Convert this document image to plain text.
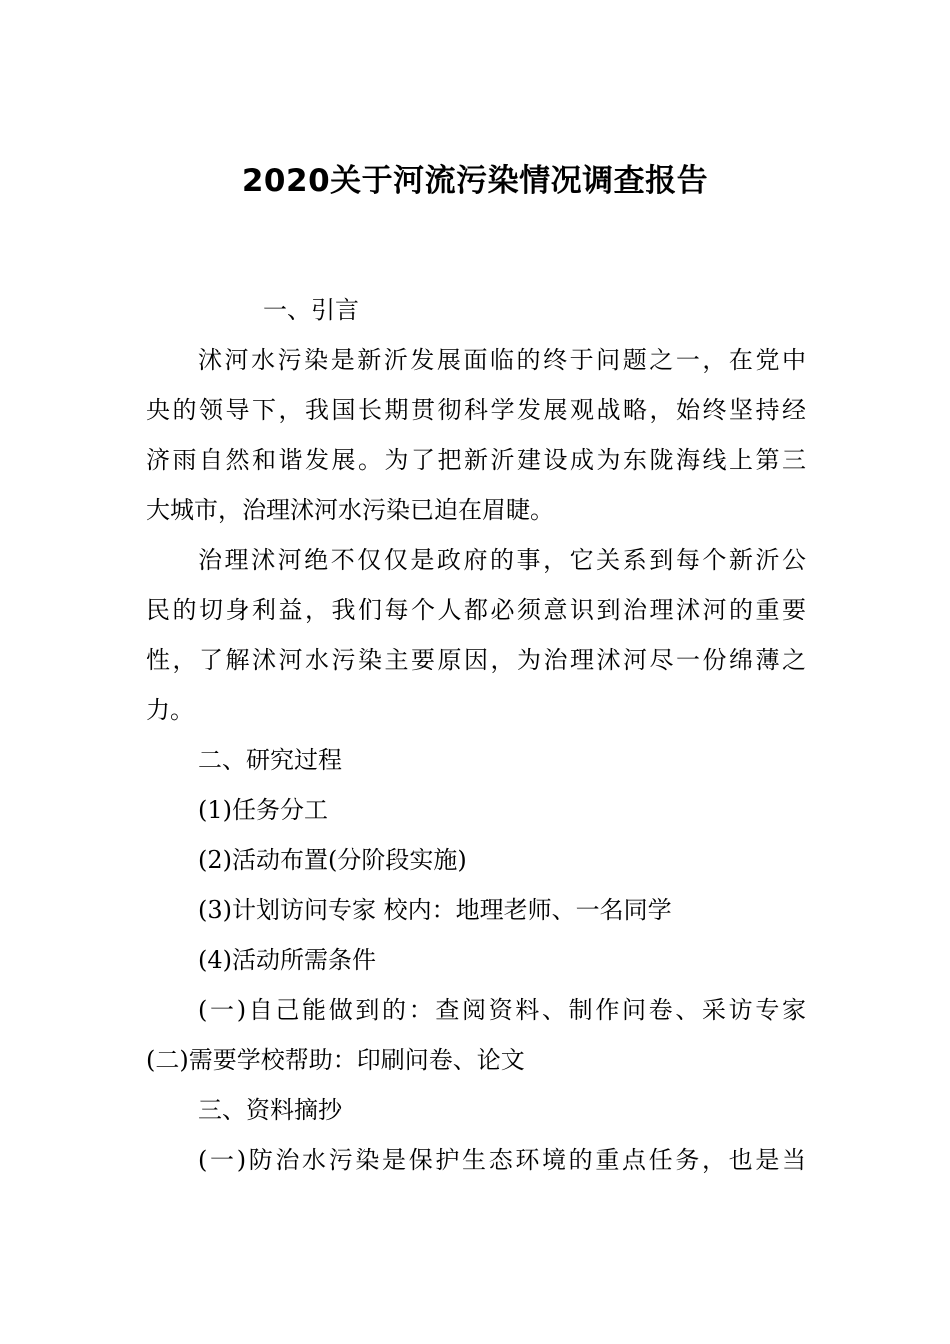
2020关于河流污染情况调查报告
一、引言
沭河水污染是新沂发展面临的终于问题之一，在党中
央的领导下，我国长期贯彻科学发展观战略，始终坚持经
济雨自然和谐发展。为了把新沂建设成为东陇海线上第三
大城市，治理沭河水污染已迫在眉睫。
治理沭河绝不仅仅是政府的事，它关系到每个新沂公
民的切身利益，我们每个人都必须意识到治理沭河的重要
性，了解沭河水污染主要原因，为治理沭河尽一份绵薄之
力。
二、研究过程
(1)任务分工
(2)活动布置(分阶段实施)
(3)计划访问专家 校内：地理老师、一名同学
(4)活动所需条件
(一)自己能做到的：查阅资料、制作问卷、采访专家
(二)需要学校帮助：印刷问卷、论文
三、资料摘抄
(一)防治水污染是保护生态环境的重点任务，也是当
